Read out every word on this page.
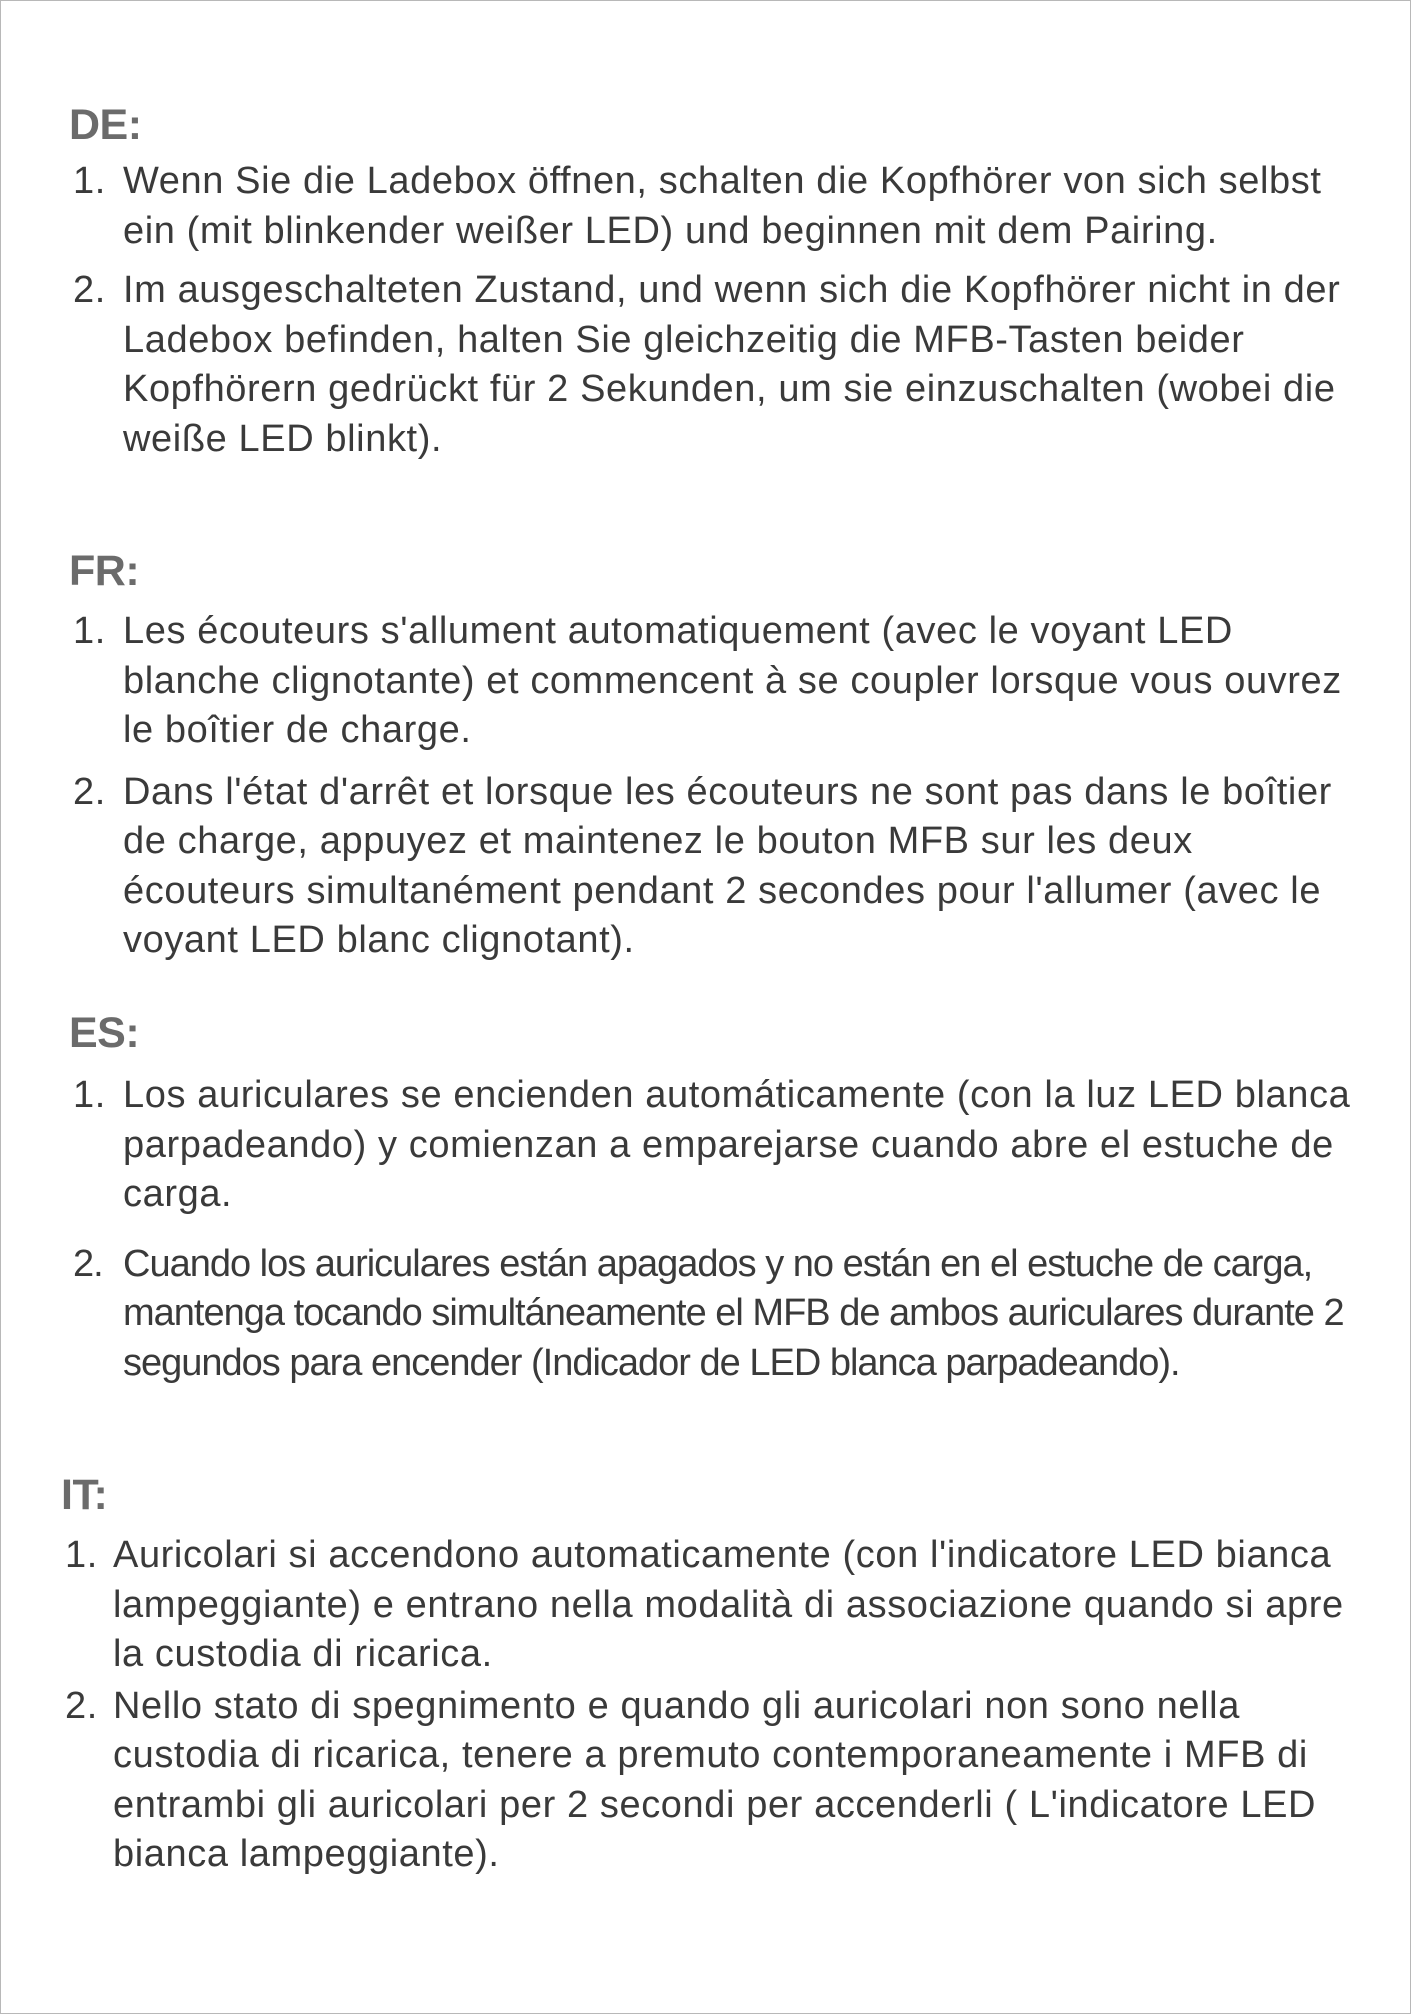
DE:
1. Wenn Sie die Ladebox öffnen, schalten die Kopfhörer von sich selbst ein (mit blinkender weißer LED) und beginnen mit dem Pairing.
2. Im ausgeschalteten Zustand, und wenn sich die Kopfhörer nicht in der Ladebox befinden, halten Sie gleichzeitig die MFB-Tasten beider Kopfhörern gedrückt für 2 Sekunden, um sie einzuschalten (wobei die weiße LED blinkt).
FR:
1. Les écouteurs s'allument automatiquement (avec le voyant LED blanche clignotante) et commencent à se coupler lorsque vous ouvrez le boîtier de charge.
2. Dans l'état d'arrêt et lorsque les écouteurs ne sont pas dans le boîtier de charge, appuyez et maintenez le bouton MFB sur les deux écouteurs simultanément pendant 2 secondes pour l'allumer (avec le voyant LED blanc clignotant).
ES:
1. Los auriculares se encienden automáticamente (con la luz LED blanca parpadeando) y comienzan a emparejarse cuando abre el estuche de carga.
2. Cuando los auriculares están apagados y no están en el estuche de carga, mantenga tocando simultáneamente el MFB de ambos auriculares durante 2 segundos para encender (Indicador de LED blanca parpadeando).
IT:
1. Auricolari si accendono automaticamente (con l'indicatore LED bianca lampeggiante) e entrano nella modalità di associazione quando si apre la custodia di ricarica.
2. Nello stato di spegnimento e quando gli auricolari non sono nella custodia di ricarica, tenere a premuto contemporaneamente i MFB di entrambi gli auricolari per 2 secondi per accenderli ( L'indicatore LED bianca lampeggiante).
